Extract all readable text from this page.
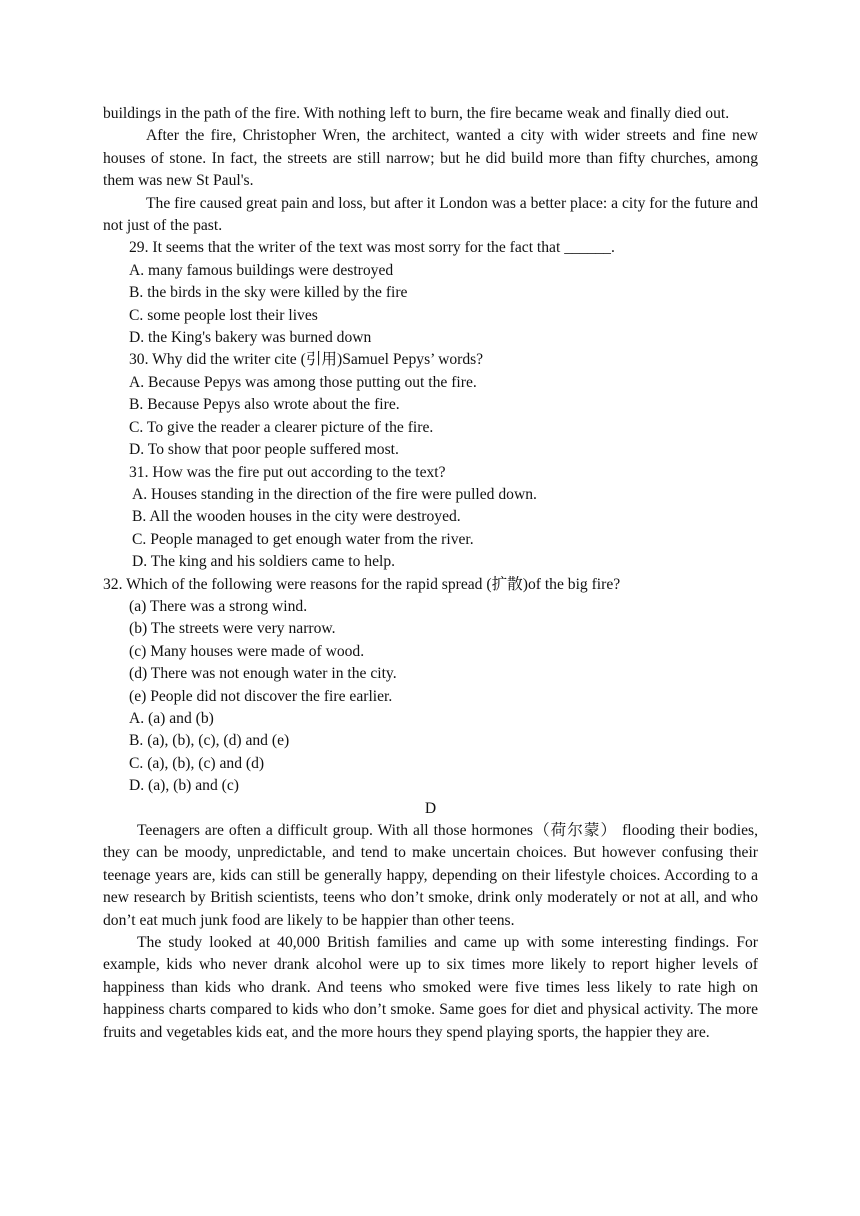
buildings in the path of the fire. With nothing left to burn, the fire became weak and finally died out.

After the fire, Christopher Wren, the architect, wanted a city with wider streets and fine new houses of stone. In fact, the streets are still narrow; but he did build more than fifty churches, among them was new St Paul's.

The fire caused great pain and loss, but after it London was a better place: a city for the future and not just of the past.

29. It seems that the writer of the text was most sorry for the fact that ______.

A. many famous buildings were destroyed

B. the birds in the sky were killed by the fire

C. some people lost their lives

D. the King's bakery was burned down

30. Why did the writer cite (引用)Samuel Pepys’ words?

A. Because Pepys was among those putting out the fire.

B. Because Pepys also wrote about the fire.

C. To give the reader a clearer picture of the fire.

D. To show that poor people suffered most.

31. How was the fire put out according to the text?

A. Houses standing in the direction of the fire were pulled down.

B. All the wooden houses in the city were destroyed.

C. People managed to get enough water from the river.

D. The king and his soldiers came to help.

32. Which of the following were reasons for the rapid spread (扩散)of the big fire?

(a) There was a strong wind.

(b) The streets were very narrow.

(c) Many houses were made of wood.

(d) There was not enough water in the city.

(e) People did not discover the fire earlier.

A. (a) and (b)

B. (a), (b), (c), (d) and (e)

C. (a), (b), (c) and (d)

D. (a), (b) and (c)

D

Teenagers are often a difficult group. With all those hormones（荷尔蒙） flooding their bodies, they can be moody, unpredictable, and tend to make uncertain choices. But however confusing their teenage years are, kids can still be generally happy, depending on their lifestyle choices. According to a new research by British scientists, teens who don’t smoke, drink only moderately or not at all, and who don’t eat much junk food are likely to be happier than other teens.

The study looked at 40,000 British families and came up with some interesting findings. For example, kids who never drank alcohol were up to six times more likely to report higher levels of happiness than kids who drank. And teens who smoked were five times less likely to rate high on happiness charts compared to kids who don’t smoke. Same goes for diet and physical activity. The more fruits and vegetables kids eat, and the more hours they spend playing sports, the happier they are.
